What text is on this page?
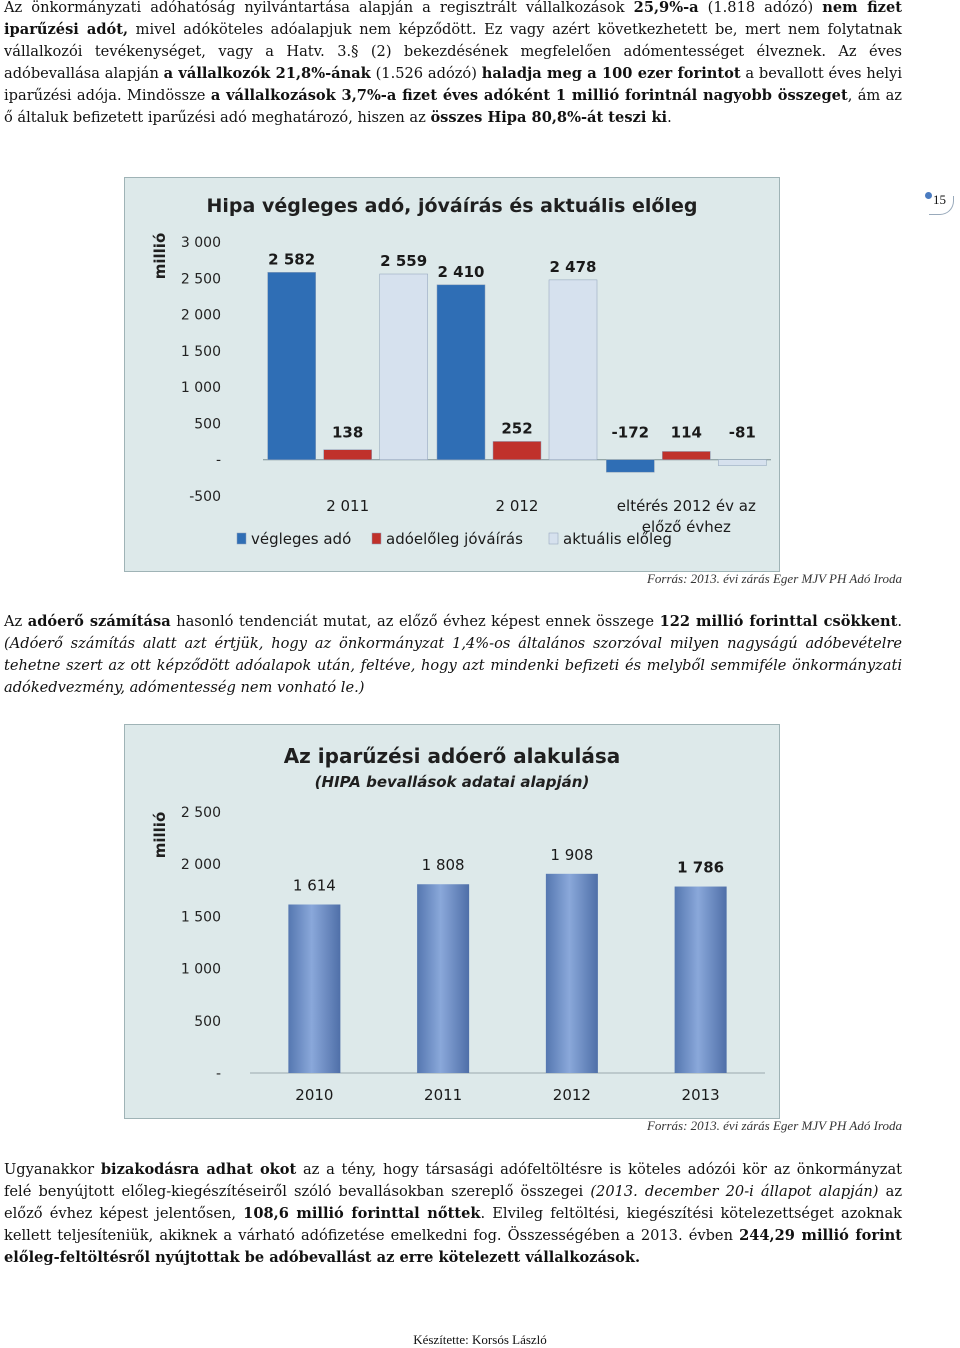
Az önkormányzati adóhatóság nyilvántartása alapján a regisztrált vállalkozások 25,9%-a (1.818 adózó) nem fizet iparűzési adót, mivel adóköteles adóalapjuk nem képződött. Ez vagy azért következhetett be, mert nem folytatnak vállalkozói tevékenységet, vagy a Hatv. 3.§ (2) bekezdésének megfelelően adómentességet élveznek. Az éves adóbevallása alapján a vállalkozók 21,8%-ának (1.526 adózó) haladja meg a 100 ezer forintot a bevallott éves helyi iparűzési adója. Mindössze a vállalkozások 3,7%-a fizet éves adóként 1 millió forintnál nagyobb összeget, ám az ő általuk befizetett iparűzési adó meghatározó, hiszen az összes Hipa 80,8%-át teszi ki.

15
Hipa végleges adó, jóváírás és aktuális előleg
millió 3 000
2 500
2 000
1 500
1 000
500
-
-500
2 582
138
2 559
2 410
252
2 478
-172 114 -81
2 011	2 012	eltérés 2012 év az
előző évhez
végleges adó adóelőleg jóváírás	aktuális előleg
Forrás: 2013. évi zárás Eger MJV PH Adó Iroda

Az adóerő számítása hasonló tendenciát mutat, az előző évhez képest ennek összege 122 millió forinttal csökkent. (Adóerő számítás alatt azt értjük, hogy az önkormányzat 1,4%-os általános szorzóval milyen nagyságú adóbevételre tehetne szert az ott képződött adóalapok után, feltéve, hogy azt mindenki befizeti és melyből semmiféle önkormányzati adókedvezmény, adómentesség nem vonható le.)

Az iparűzési adóerő alakulása
(HIPA bevallások adatai alapján)
millió 2 500
2 000
1 500
1 000
500
-
1 614
1 808
1 908
1 786
2010	2011	2012	2013
Forrás: 2013. évi zárás Eger MJV PH Adó Iroda

Ugyanakkor bizakodásra adhat okot az a tény, hogy társasági adófeltöltésre is köteles adózói kör az önkormányzat felé benyújtott előleg-kiegészítéseiről szóló bevallásokban szereplő összegei (2013. december 20-i állapot alapján) az előző évhez képest jelentősen, 108,6 millió forinttal nőttek. Elvileg feltöltési, kiegészítési kötelezettséget azoknak kellett teljesíteniük, akiknek a várható adófizetése emelkedni fog. Összességében a 2013. évben 244,29 millió forint előleg-feltöltésről nyújtottak be adóbevallást az erre kötelezett vállalkozások.

Készítette: Korsós László
